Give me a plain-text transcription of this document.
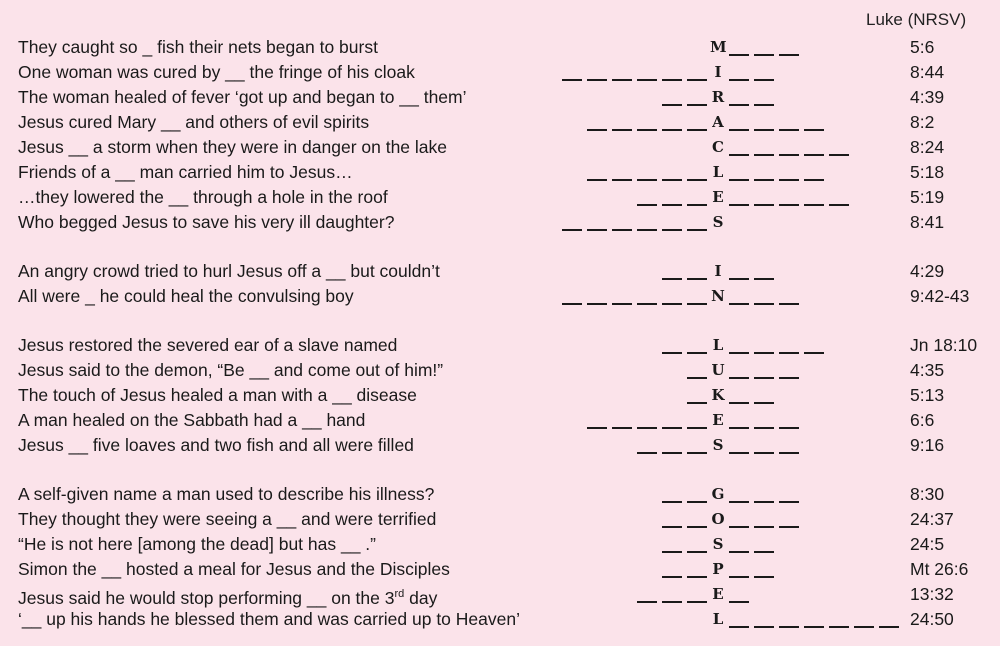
Luke (NRSV)
They caught so _ fish their nets began to burst	M	5:6
One woman was cured by __ the fringe of his cloak	I	8:44
The woman healed of fever ‘got up and began to __ them’	R	4:39
Jesus cured Mary __ and others of evil spirits	A	8:2
Jesus __ a storm when they were in danger on the lake	C	8:24
Friends of a __ man carried him to Jesus…	L	5:18
…they lowered the __ through a hole in the roof	E	5:19
Who begged Jesus to save his very ill daughter?	S	8:41
An angry crowd tried to hurl Jesus off a __ but couldn’t	I	4:29
All were _ he could heal the convulsing boy	N	9:42-43
Jesus restored the severed ear of a slave named	L	Jn 18:10
Jesus said to the demon, “Be __ and come out of him!”	U	4:35
The touch of Jesus healed a man with a __ disease	K	5:13
A man healed on the Sabbath had a __ hand	E	6:6
Jesus __ five loaves and two fish and all were filled	S	9:16
A self-given name a man used to describe his illness?	G	8:30
They thought they were seeing a __ and were terrified	O	24:37
“He is not here [among the dead] but has __ .”	S	24:5
Simon the __ hosted a meal for Jesus and the Disciples	P	Mt 26:6
Jesus said he would stop performing __ on the 3rd day	E	13:32
‘__ up his hands he blessed them and was carried up to Heaven’	L	24:50
